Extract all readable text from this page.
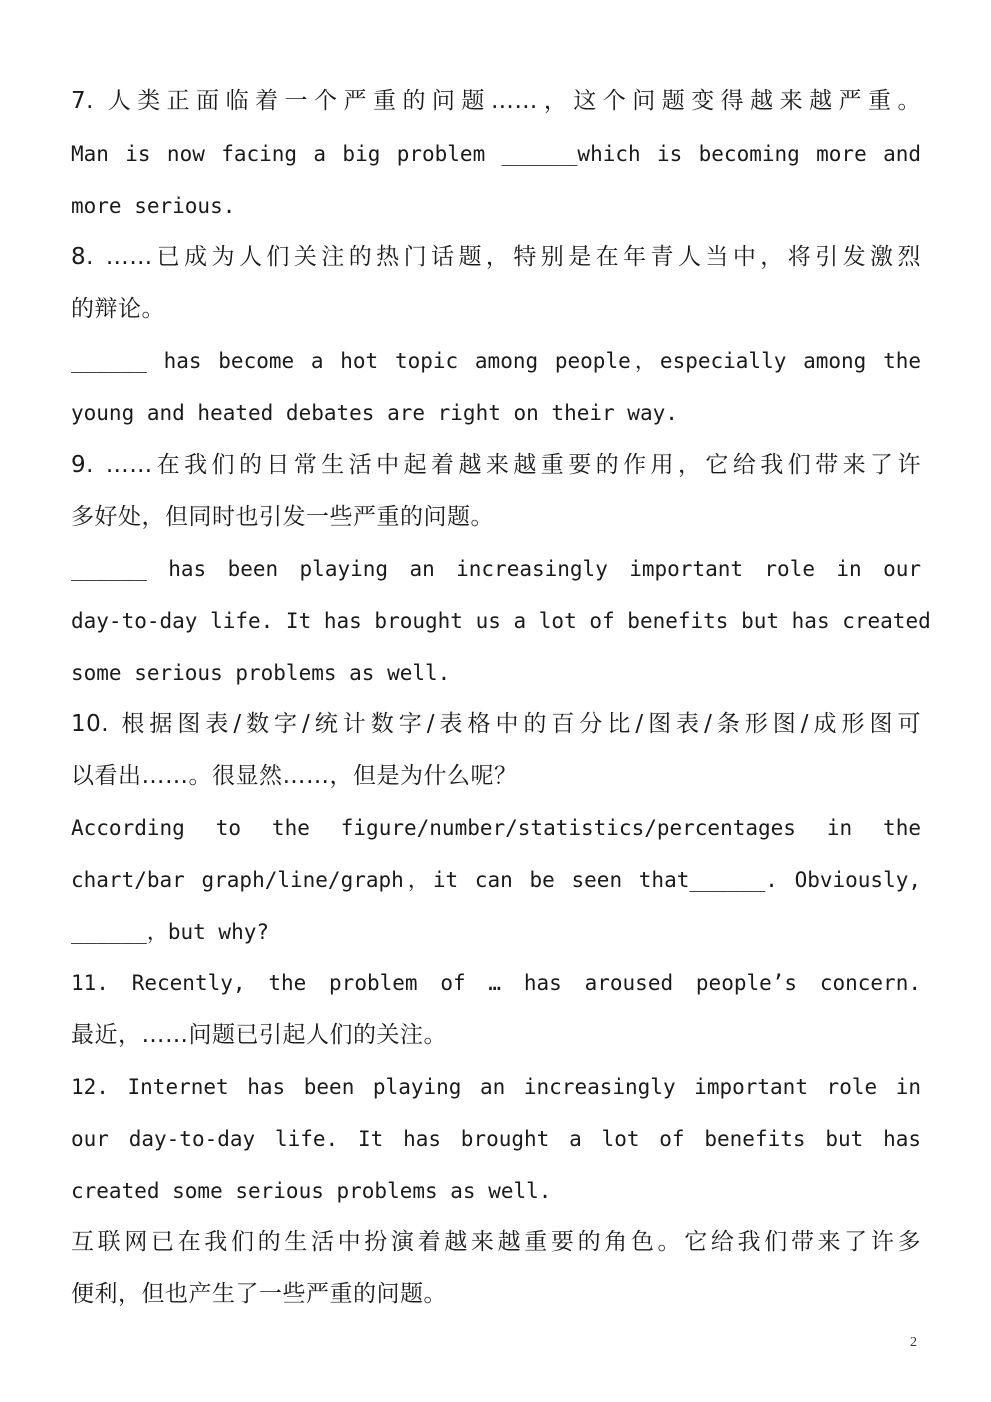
7. 人类正面临着一个严重的问题……，这个问题变得越来越严重。
Man is now facing a big problem ______which is becoming more and
more serious.
8. ……已成为人们关注的热门话题，特别是在年青人当中，将引发激烈
的辩论。
______ has become a hot topic among people，especially among the
young and heated debates are right on their way.
9. ……在我们的日常生活中起着越来越重要的作用，它给我们带来了许
多好处，但同时也引发一些严重的问题。
______ has been playing an increasingly important role in our
day-to-day life. It has brought us a lot of benefits but has created
some serious problems as well.
10. 根据图表/数字/统计数字/表格中的百分比/图表/条形图/成形图可
以看出……。很显然……，但是为什么呢？
According to the figure/number/statistics/percentages in the
chart/bar graph/line/graph，it can be seen that______. Obviously,
______，but why?
11. Recently, the problem of … has aroused people’s concern.
最近，……问题已引起人们的关注。
12. Internet has been playing an increasingly important role in
our day-to-day life. It has brought a lot of benefits but has
created some serious problems as well.
互联网已在我们的生活中扮演着越来越重要的角色。它给我们带来了许多
便利，但也产生了一些严重的问题。
2
